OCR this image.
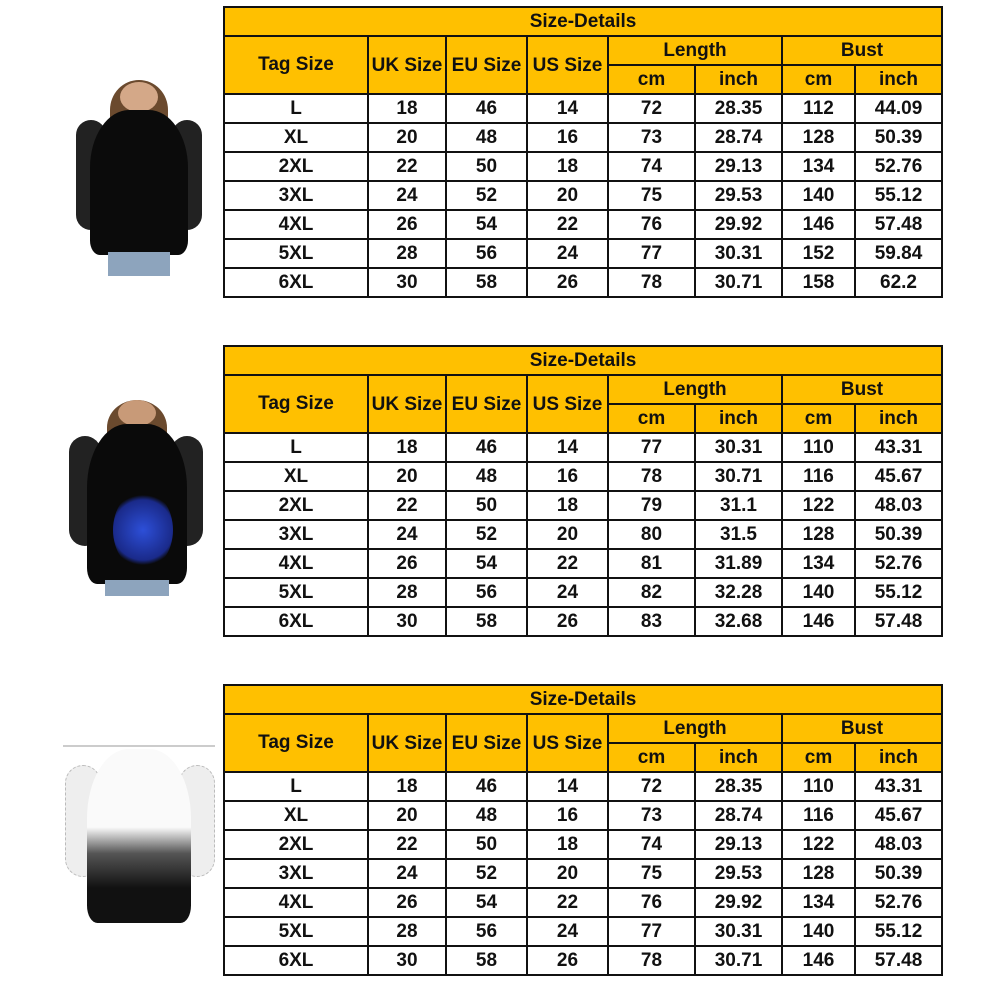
Size-Details							
Tag Size	UK Size	EU Size	US Size	Length		Bust	
				cm	inch	cm	inch
L	18	46	14	72	28.35	112	44.09
XL	20	48	16	73	28.74	128	50.39
2XL	22	50	18	74	29.13	134	52.76
3XL	24	52	20	75	29.53	140	55.12
4XL	26	54	22	76	29.92	146	57.48
5XL	28	56	24	77	30.31	152	59.84
6XL	30	58	26	78	30.71	158	62.2
Size-Details							
Tag Size	UK Size	EU Size	US Size	Length		Bust	
				cm	inch	cm	inch
L	18	46	14	77	30.31	110	43.31
XL	20	48	16	78	30.71	116	45.67
2XL	22	50	18	79	31.1	122	48.03
3XL	24	52	20	80	31.5	128	50.39
4XL	26	54	22	81	31.89	134	52.76
5XL	28	56	24	82	32.28	140	55.12
6XL	30	58	26	83	32.68	146	57.48
Size-Details							
Tag Size	UK Size	EU Size	US Size	Length		Bust	
				cm	inch	cm	inch
L	18	46	14	72	28.35	110	43.31
XL	20	48	16	73	28.74	116	45.67
2XL	22	50	18	74	29.13	122	48.03
3XL	24	52	20	75	29.53	128	50.39
4XL	26	54	22	76	29.92	134	52.76
5XL	28	56	24	77	30.31	140	55.12
6XL	30	58	26	78	30.71	146	57.48
